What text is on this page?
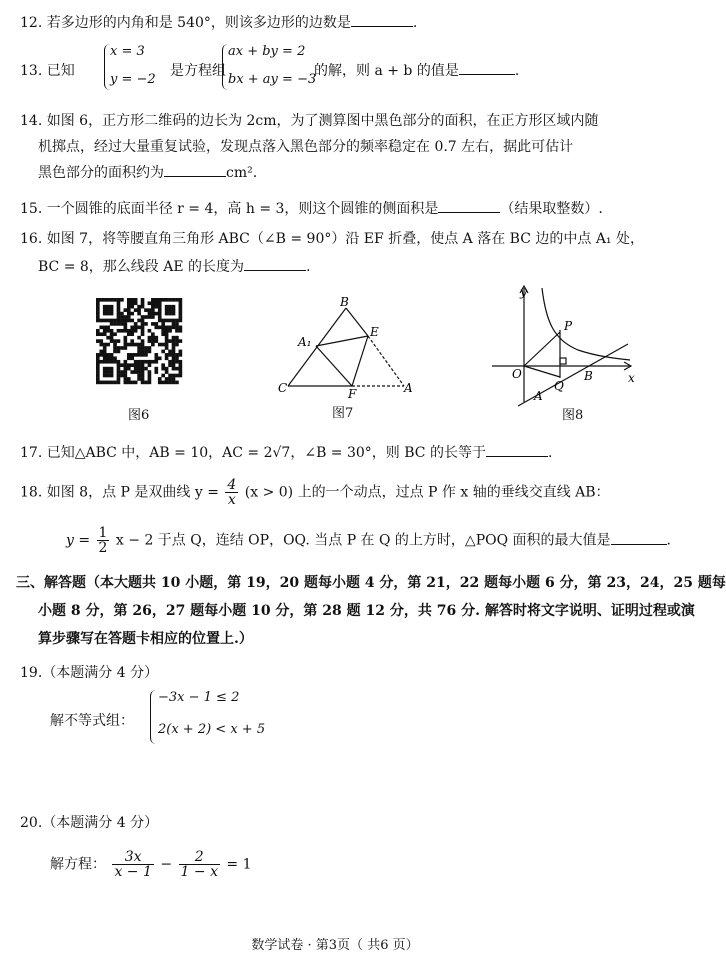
12. 若多边形的内角和是 540°，则该多边形的边数是	.
13. 已知
x = 3
y = −2
是方程组
ax + by = 2
bx + ay = −3
的解，则 a + b 的值是	.
14. 如图 6，正方形二维码的边长为 2cm，为了测算图中黑色部分的面积，在正方形区域内随
机掷点，经过大量重复试验，发现点落入黑色部分的频率稳定在 0.7 左右，据此可估计
黑色部分的面积约为	cm².
15. 一个圆锥的底面半径 r = 4，高 h = 3，则这个圆锥的侧面积是	（结果取整数）.
16. 如图 7，将等腰直角三角形 ABC（∠B = 90°）沿 EF 折叠，使点 A 落在 BC 边的中点 A₁ 处，
BC = 8，那么线段 AE 的长度为	.
图6
B
A₁
E
C	F	A
图7
y
P
O
Q
B	x
A
图8
17. 已知△ABC 中，AB = 10，AC = 2√7，∠B = 30°，则 BC 的长等于	.
18. 如图 8，点 P 是双曲线 $y = \frac{4}{x} (x > 0)$ 上的一个动点，过点 P 作 x 轴的垂线交直线 AB：
$y = \frac{1}{2}$ x − 2 于点 Q，连结 OP，OQ. 当点 P 在 Q 的上方时，△POQ 面积的最大值是	.
三、解答题（本大题共 10 小题，第 19，20 题每小题 4 分，第 21，22 题每小题 6 分，第 23，24，25 题每
小题 8 分，第 26，27 题每小题 10 分，第 28 题 12 分，共 76 分. 解答时将文字说明、证明过程或演
算步骤写在答题卡相应的位置上.）
19.（本题满分 4 分）
解不等式组：
−3x − 1 ≤ 2
2(x + 2) < x + 5
20.（本题满分 4 分）
解方程： $\frac{3x}{x - 1} - \frac{2}{1 - x} = 1$
数学试卷 · 第3页（ 共6 页）
